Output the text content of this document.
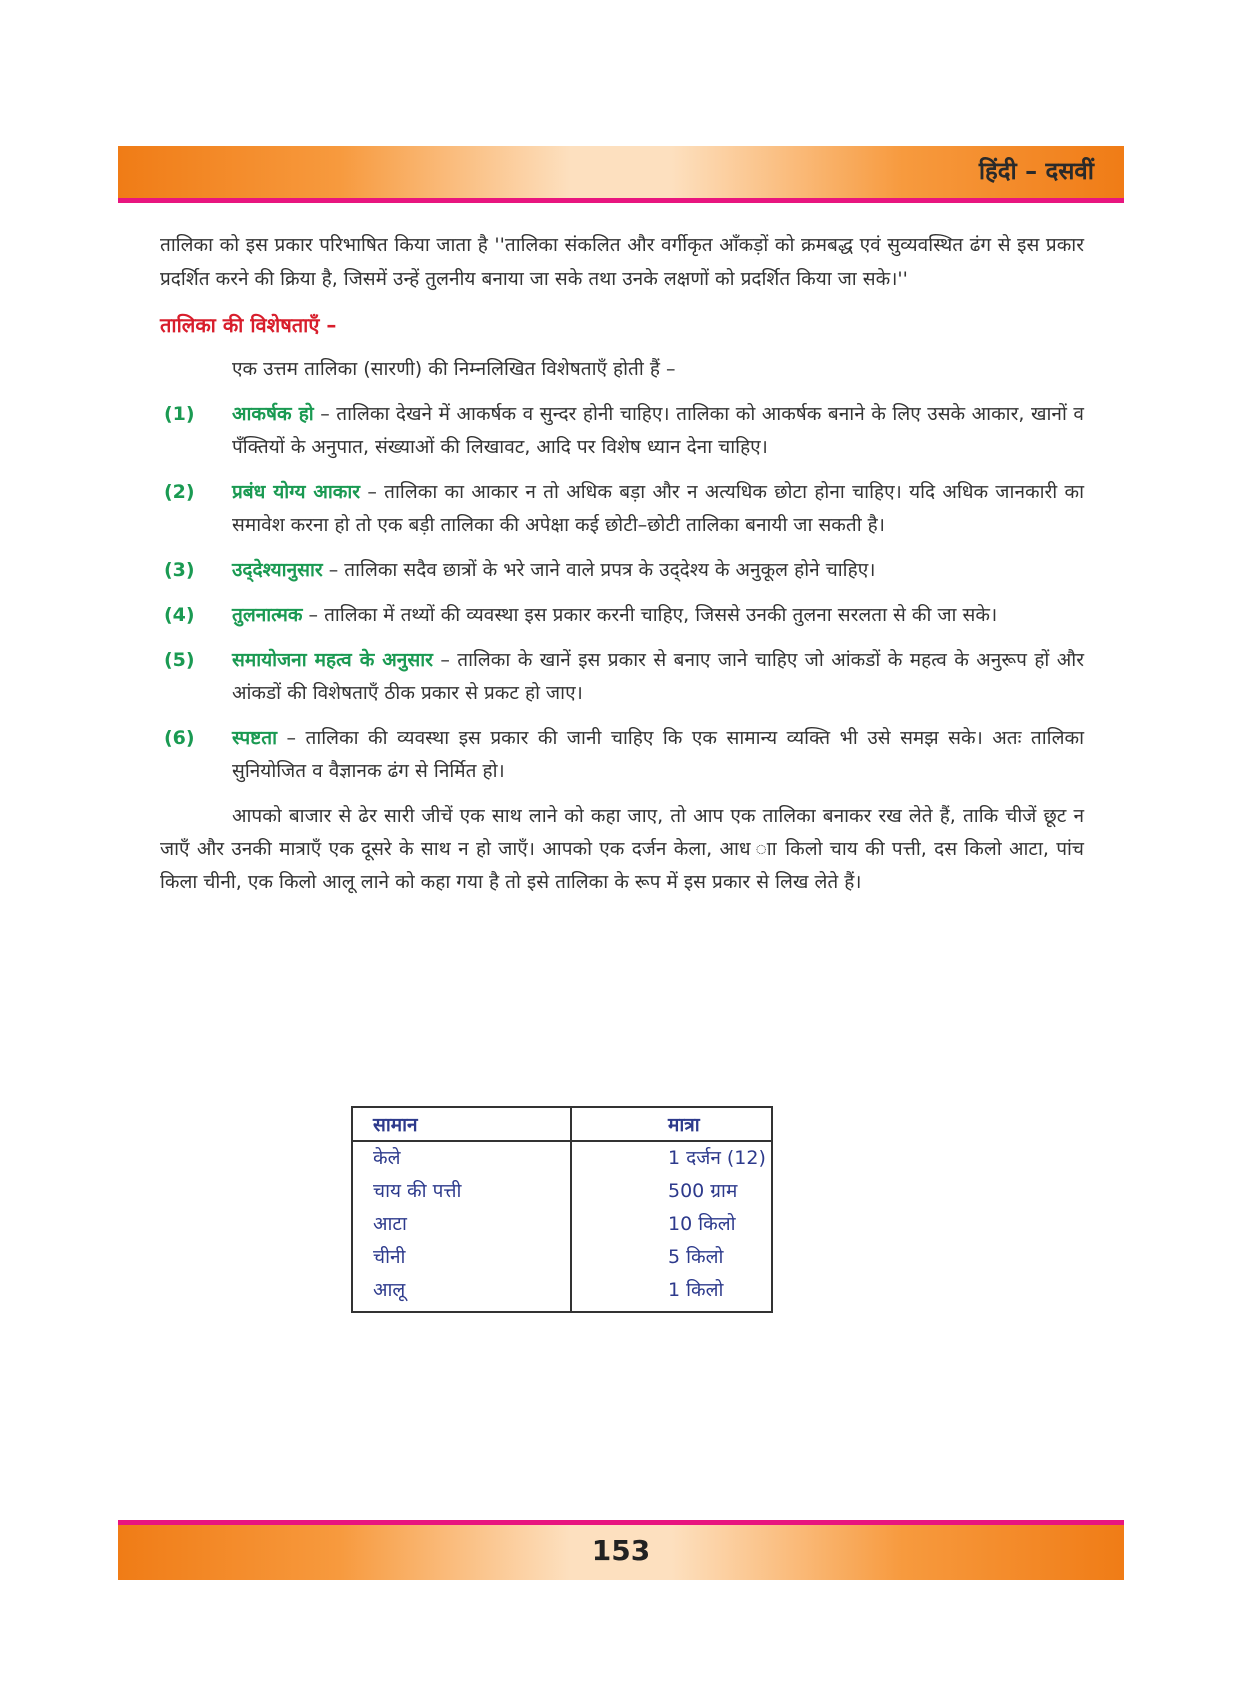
हिंदी – दसवीं

तालिका को इस प्रकार परिभाषित किया जाता है ''तालिका संकलित और वर्गीकृत आँकड़ों को क्रमबद्ध एवं सुव्यवस्थित ढंग से इस प्रकार प्रदर्शित करने की क्रिया है, जिसमें उन्हें तुलनीय बनाया जा सके तथा उनके लक्षणों को प्रदर्शित किया जा सके।''

तालिका की विशेषताएँ –
एक उत्तम तालिका (सारणी) की निम्नलिखित विशेषताएँ होती हैं –
(1) आकर्षक हो – तालिका देखने में आकर्षक व सुन्दर होनी चाहिए। तालिका को आकर्षक बनाने के लिए उसके आकार, खानों व पँक्तियों के अनुपात, संख्याओं की लिखावट, आदि पर विशेष ध्यान देना चाहिए।
(2) प्रबंध योग्य आकार – तालिका का आकार न तो अधिक बड़ा और न अत्यधिक छोटा होना चाहिए। यदि अधिक जानकारी का समावेश करना हो तो एक बड़ी तालिका की अपेक्षा कई छोटी–छोटी तालिका बनायी जा सकती है।
(3) उद्‌देश्यानुसार – तालिका सदैव छात्रों के भरे जाने वाले प्रपत्र के उद्‌देश्य के अनुकूल होने चाहिए।
(4) तुलनात्मक – तालिका में तथ्यों की व्यवस्था इस प्रकार करनी चाहिए, जिससे उनकी तुलना सरलता से की जा सके।
(5) समायोजना महत्व के अनुसार – तालिका के खानें इस प्रकार से बनाए जाने चाहिए जो आंकडों के महत्व के अनुरूप हों और आंकडों की विशेषताएँ ठीक प्रकार से प्रकट हो जाए।
(6) स्पष्टता – तालिका की व्यवस्था इस प्रकार की जानी चाहिए कि एक सामान्य व्यक्ति भी उसे समझ सके। अतः तालिका सुनियोजित व वैज्ञानक ढंग से निर्मित हो।

आपको बाजार से ढेर सारी जीचें एक साथ लाने को कहा जाए, तो आप एक तालिका बनाकर रख लेते हैं, ताकि चीजें छूट न जाएँ और उनकी मात्राएँ एक दूसरे के साथ न हो जाएँ। आपको एक दर्जन केला, आध ाा किलो चाय की पत्ती, दस किलो आटा, पांच किला चीनी, एक किलो आलू लाने को कहा गया है तो इसे तालिका के रूप में इस प्रकार से लिख लेते हैं।

सामान	मात्रा
केले	1 दर्जन (12)
चाय की पत्ती	500 ग्राम
आटा	10 किलो
चीनी	5 किलो
आलू	1 किलो
153
